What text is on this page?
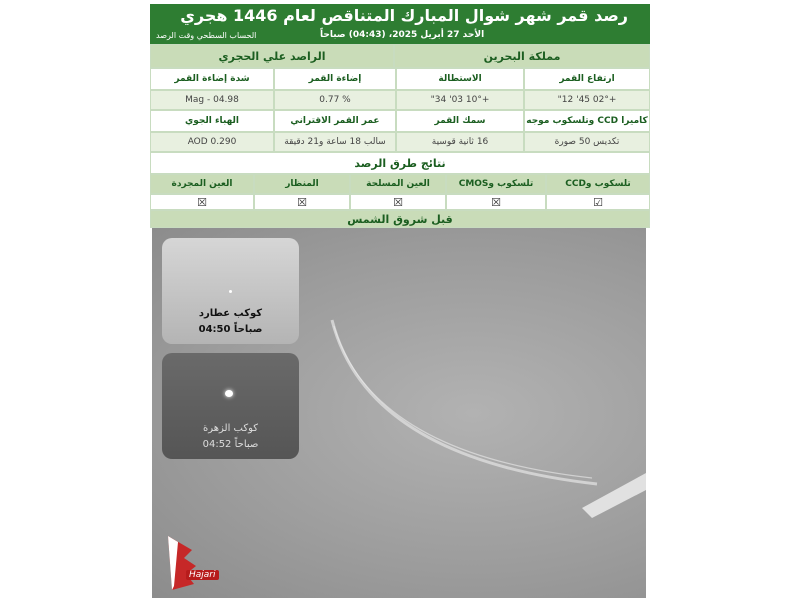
رصد قمر شهر شوال المبارك المتناقص لعام 1446 هجري
الأحد 27 أبريل 2025، (04:43) صباحاً
الحساب السطحي وقت الرصد
مملكة البحرين
الراصد علي الحجري
ارتفاع القمر
الاستطالة
إضاءة القمر
شدة إضاءة القمر
+02° 45' 12"
+10° 03' 34"
% 0.77
Mag - 04.98
كاميرا CCD وتلسكوب موجه
سمك القمر
عمر القمر الاقتراني
الهباء الجوي
تكديس 50 صورة
16 ثانية قوسية
سالب 18 ساعة و21 دقيقة
AOD 0.290
نتائج طرق الرصد
تلسكوب وCCD
تلسكوب وCMOS
العين المسلحة
المنظار
العين المجردة
☑
☒
☒
☒
☒
قبل شروق الشمس
كوكب عطارد
04:50 صباحاً
كوكب الزهرة
04:52 صباحاً
Hajari
